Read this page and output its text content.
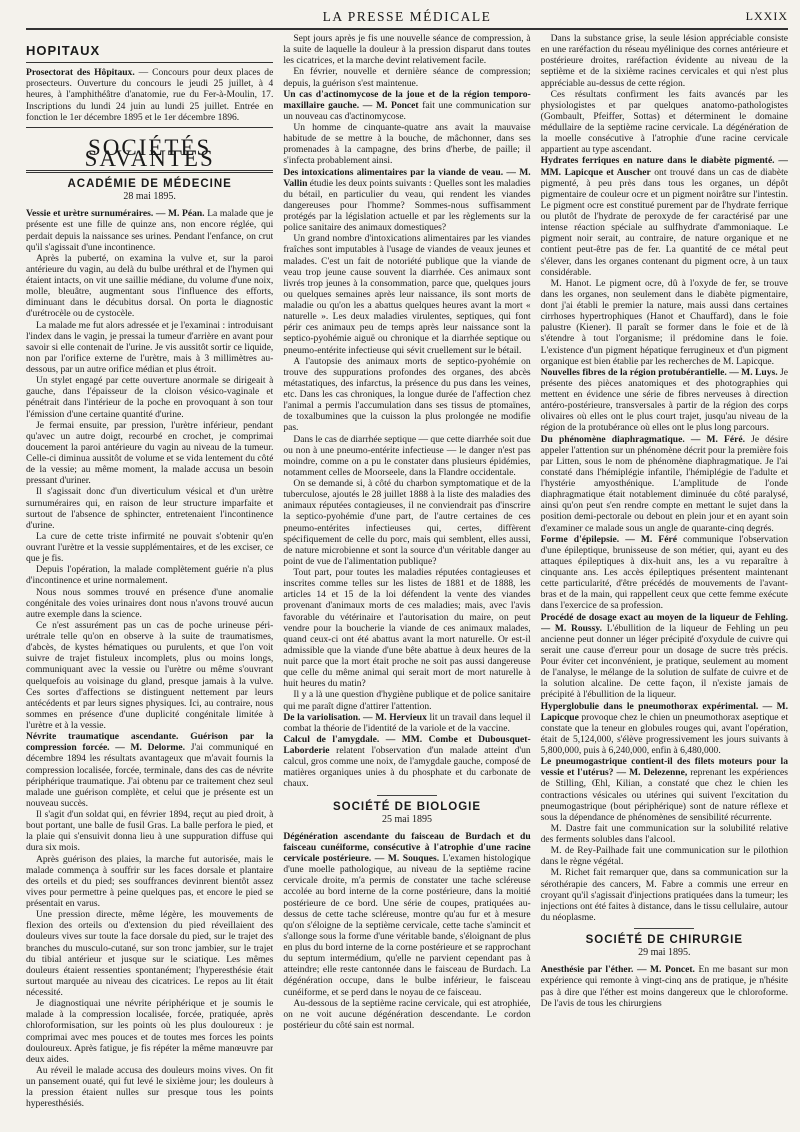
LA PRESSE MÉDICALE	LXXIX
HOPITAUX

Prosectorat des Hôpitaux. — Concours pour deux places de prosecteurs. Ouverture du concours le jeudi 25 juillet, à 4 heures, à l'amphithéâtre d'anatomie, rue du Fer-à-Moulin, 17. Inscriptions du lundi 24 juin au lundi 25 juillet. Entrée en fonction le 1er décembre 1895 et le 1er décembre 1896.

SOCIÉTÉS SAVANTES
ACADÉMIE DE MÉDECINE
28 mai 1895.

Vessie et urètre surnuméraires. — M. Péan. La malade que je présente est une fille de quinze ans, non encore réglée, qui perdait depuis la naissance ses urines. Pendant l'enfance, on crut qu'il s'agissait d'une incontinence.

Après la puberté, on examina la vulve et, sur la paroi antérieure du vagin, au delà du bulbe uréthral et de l'hymen qui étaient intacts, on vit une saillie médiane, du volume d'une noix, molle, bleuâtre, augmentant sous l'influence des efforts, diminuant dans le décubitus dorsal. On porta le diagnostic d'urétrocèle ou de cystocèle.

La malade me fut alors adressée et je l'examinai : introduisant l'index dans le vagin, je pressai la tumeur d'arrière en avant pour savoir si elle contenait de l'urine. Je vis aussitôt sortir ce liquide, non par l'orifice externe de l'urètre, mais à 3 millimètres au-dessous, par un autre orifice médian et plus étroit.

Un stylet engagé par cette ouverture anormale se dirigeait à gauche, dans l'épaisseur de la cloison vésico-vaginale et pénétrait dans l'intérieur de la poche en provoquant à son tour l'émission d'une certaine quantité d'urine.

Je fermai ensuite, par pression, l'urètre inférieur, pendant qu'avec un autre doigt, recourbé en crochet, je comprimai doucement la paroi antérieure du vagin au niveau de la tumeur. Celle-ci diminua aussitôt de volume et se vida lentement du côté de la vessie; au même moment, la malade accusa un besoin pressant d'uriner.

Il s'agissait donc d'un diverticulum vésical et d'un urètre surnuméraires qui, en raison de leur structure imparfaite et surtout de l'absence de sphincter, entretenaient l'incontinence d'urine.

La cure de cette triste infirmité ne pouvait s'obtenir qu'en ouvrant l'urètre et la vessie supplémentaires, et de les exciser, ce que je fis.

Depuis l'opération, la malade complètement guérie n'a plus d'incontinence et urine normalement.

Nous nous sommes trouvé en présence d'une anomalie congénitale des voies urinaires dont nous n'avons trouvé aucun autre exemple dans la science.

Ce n'est assurément pas un cas de poche urineuse péri-urétrale telle qu'on en observe à la suite de traumatismes, d'abcès, de kystes hématiques ou purulents, et que l'on voit suivre de trajet fistuleux incomplets, plus ou moins longs, communiquant avec la vessie ou l'urètre ou même s'ouvrant quelquefois au voisinage du gland, presque jamais à la vulve. Ces sortes d'affections se distinguent nettement par leurs antécédents et par leurs signes physiques. Ici, au contraire, nous sommes en présence d'une duplicité congénitale limitée à l'urètre et à la vessie.

Névrite traumatique ascendante. Guérison par la compression forcée. — M. Delorme. J'ai communiqué en décembre 1894 les résultats avantageux que m'avait fournis la compression localisée, forcée, terminale, dans des cas de névrite périphérique traumatique. J'ai obtenu par ce traitement chez seul malade une guérison complète, et celui que je présente est un nouveau succès.

Il s'agit d'un soldat qui, en février 1894, reçut au pied droit, à bout portant, une balle de fusil Gras. La balle perfora le pied, et la plaie qui s'ensuivit donna lieu à une suppuration diffuse qui dura six mois.

Après guérison des plaies, la marche fut autorisée, mais le malade commença à souffrir sur les faces dorsale et plantaire des orteils et du pied; ses souffrances devinrent bientôt assez vives pour permettre à peine quelques pas, et encore le pied se présentait en varus.

Une pression directe, même légère, les mouvements de flexion des orteils ou d'extension du pied réveillaient des douleurs vives sur toute la face dorsale du pied, sur le trajet des branches du musculo-cutané, sur son tronc jambier, sur le trajet du tibial antérieur et jusque sur le sciatique. Les mêmes douleurs étaient ressenties spontanément; l'hyperesthésie était surtout marquée au niveau des cicatrices. Le repos au lit était nécessité.

Je diagnostiquai une névrite périphérique et je soumis le malade à la compression localisée, forcée, pratiquée, après chloroformisation, sur les points où les plus douloureux : je comprimai avec mes pouces et de toutes mes forces les points douloureux. Après fatigue, je fis répéter la même manœuvre par deux aides.

Au réveil le malade accusa des douleurs moins vives. On fit un pansement ouaté, qui fut levé le sixième jour; les douleurs à la pression étaient nulles sur presque tous les points hyperesthésiés.

Sept jours après je fis une nouvelle séance de compression, à la suite de laquelle la douleur à la pression disparut dans toutes les cicatrices, et la marche devint relativement facile.

En février, nouvelle et dernière séance de compression; depuis, la guérison s'est maintenue.

Un cas d'actinomycose de la joue et de la région temporo-maxillaire gauche. — M. Poncet fait une communication sur un nouveau cas d'actinomycose.

Un homme de cinquante-quatre ans avait la mauvaise habitude de se mettre à la bouche, de mâchonner, dans ses promenades à la campagne, des brins d'herbe, de paille; il s'infecta probablement ainsi.

Des intoxications alimentaires par la viande de veau. — M. Vallin étudie les deux points suivants : Quelles sont les maladies du bétail, en particulier du veau, qui rendent les viandes dangereuses pour l'homme? Sommes-nous suffisamment protégés par la législation actuelle et par les règlements sur la police sanitaire des animaux domestiques?

Un grand nombre d'intoxications alimentaires par les viandes fraîches sont imputables à l'usage de viandes de veaux jeunes et malades. C'est un fait de notoriété publique que la viande de veau trop jeune cause souvent la diarrhée. Ces animaux sont livrés trop jeunes à la consommation, parce que, quelques jours ou quelques semaines après leur naissance, ils sont morts de maladie ou qu'on les a abattus quelques heures avant la mort « naturelle ». Les deux maladies virulentes, septiques, qui font périr ces animaux peu de temps après leur naissance sont la septico-pyohémie aiguë ou chronique et la diarrhée septique ou pneumo-entérite infectieuse qui sévit cruellement sur le bétail.

A l'autopsie des animaux morts de septico-pyohémie on trouve des suppurations profondes des organes, des abcès métastatiques, des infarctus, la présence du pus dans les veines, etc. Dans les cas chroniques, la longue durée de l'affection chez l'animal a permis l'accumulation dans ses tissus de ptomaïnes, de toxalbumines que la cuisson la plus prolongée ne modifie pas.

Dans le cas de diarrhée septique — que cette diarrhée soit due ou non à une pneumo-entérite infectieuse — le danger n'est pas moindre, comme on a pu le constater dans plusieurs épidémies, notamment celles de Moorseele, dans la Flandre occidentale.

On se demande si, à côté du charbon symptomatique et de la tuberculose, ajoutés le 28 juillet 1888 à la liste des maladies des animaux réputées contagieuses, il ne conviendrait pas d'inscrire la septico-pyohémie d'une part, de l'autre certaines de ces pneumo-entérites infectieuses qui, certes, diffèrent spécifiquement de celle du porc, mais qui semblent, elles aussi, de nature microbienne et sont la source d'un véritable danger au point de vue de l'alimentation publique?

Tout part, pour toutes les maladies réputées contagieuses et inscrites comme telles sur les listes de 1881 et de 1888, les articles 14 et 15 de la loi défendent la vente des viandes provenant d'animaux morts de ces maladies; mais, avec l'avis favorable du vétérinaire et l'autorisation du maire, on peut vendre pour la boucherie la viande de ces animaux malades, quand ceux-ci ont été abattus avant la mort naturelle. Or est-il admissible que la viande d'une bête abattue à deux heures de la nuit parce que la mort était proche ne soit pas aussi dangereuse que celle du même animal qui serait mort de mort naturelle à huit heures du matin?

Il y a là une question d'hygiène publique et de police sanitaire qui me paraît digne d'attirer l'attention.

De la variolisation. — M. Hervieux lit un travail dans lequel il combat la théorie de l'identité de la variole et de la vaccine.

Calcul de l'amygdale. — MM. Combe et Dubousquet-Laborderie relatent l'observation d'un malade atteint d'un calcul, gros comme une noix, de l'amygdale gauche, composé de matières organiques unies à du phosphate et du carbonate de chaux.

SOCIÉTÉ DE BIOLOGIE
25 mai 1895

Dégénération ascendante du faisceau de Burdach et du faisceau cunéiforme, consécutive à l'atrophie d'une racine cervicale postérieure. — M. Souques. L'examen histologique d'une moelle pathologique, au niveau de la septième racine cervicale droite, m'a permis de constater une tache scléreuse accolée au bord interne de la corne postérieure, dans la moitié postérieure de ce bord. Une série de coupes, pratiquées au-dessus de cette tache scléreuse, montre qu'au fur et à mesure qu'on s'éloigne de la septième cervicale, cette tache s'amincit et s'allonge sous la forme d'une véritable bande, s'éloignant de plus en plus du bord interne de la corne postérieure et se rapprochant du septum intermédium, qu'elle ne parvient cependant pas à atteindre; elle reste cantonnée dans le faisceau de Burdach. La dégénération occupe, dans le bulbe inférieur, le faisceau cunéiforme, et se perd dans le noyau de ce faisceau.

Au-dessous de la septième racine cervicale, qui est atrophiée, on ne voit aucune dégénération descendante. Le cordon postérieur du côté sain est normal.

Dans la substance grise, la seule lésion appréciable consiste en une raréfaction du réseau myélinique des cornes antérieure et postérieure droites, raréfaction évidente au niveau de la septième et de la sixième racines cervicales et qui n'est plus appréciable au-dessus de cette région.

Ces résultats confirment les faits avancés par les physiologistes et par quelques anatomo-pathologistes (Gombault, Pfeiffer, Sottas) et déterminent le domaine médullaire de la septième racine cervicale. La dégénération de la moelle consécutive à l'atrophie d'une racine cervicale appartient au type ascendant.

Hydrates ferriques en nature dans le diabète pigmenté. — MM. Lapicque et Auscher ont trouvé dans un cas de diabète pigmenté, à peu près dans tous les organes, un dépôt pigmentaire de couleur ocre et un pigment noirâtre sur l'intestin. Le pigment ocre est constitué purement par de l'hydrate ferrique ou plutôt de l'hydrate de peroxyde de fer caractérisé par une intense réaction spéciale au sulfhydrate d'ammoniaque. Le pigment noir serait, au contraire, de nature organique et ne contient peut-être pas de fer. La quantité de ce métal peut s'élever, dans les organes contenant du pigment ocre, à un taux considérable.

M. Hanot. Le pigment ocre, dû à l'oxyde de fer, se trouve dans les organes, non seulement dans le diabète pigmentaire, dont j'ai établi le premier la nature, mais aussi dans certaines cirrhoses hypertrophiques (Hanot et Chauffard), dans le foie palustre (Kiener). Il paraît se former dans le foie et de là s'étendre à tout l'organisme; il prédomine dans le foie. L'existence d'un pigment hépatique ferrugineux et d'un pigment organique est bien établie par les recherches de M. Lapicque.

Nouvelles fibres de la région protubérantielle. — M. Luys. Je présente des pièces anatomiques et des photographies qui mettent en évidence une série de fibres nerveuses à direction antéro-postérieure, transversales à partir de la région des corps olivaires où elles ont le plus court trajet, jusqu'au niveau de la région de la protubérance où elles ont le plus long parcours.

Du phénomène diaphragmatique. — M. Féré. Je désire appeler l'attention sur un phénomène décrit pour la première fois par Litten, sous le nom de phénomène diaphragmatique. Je l'ai constaté dans l'hémiplégie infantile, l'hémiplégie de l'adulte et l'hystérie amyosthénique. L'amplitude de l'onde diaphragmatique était notablement diminuée du côté paralysé, ainsi qu'on peut s'en rendre compte en mettant le sujet dans la position demi-pectorale ou debout en plein jour et en ayant soin d'examiner ce malade sous un angle de quarante-cinq degrés.

Forme d'épilepsie. — M. Féré communique l'observation d'une épileptique, brunisseuse de son métier, qui, ayant eu des attaques épileptiques à dix-huit ans, les a vu reparaître à cinquante ans. Les accès épileptiques présentent maintenant cette particularité, d'être précédés de mouvements de l'avant-bras et de la main, qui rappellent ceux que cette femme exécute dans l'exercice de sa profession.

Procédé de dosage exact au moyen de la liqueur de Fehling. — M. Roussy. L'ébullition de la liqueur de Fehling un peu ancienne peut donner un léger précipité d'oxydule de cuivre qui serait une cause d'erreur pour un dosage de sucre très précis. Pour éviter cet inconvénient, je pratique, seulement au moment de l'analyse, le mélange de la solution de sulfate de cuivre et de la solution alcaline. De cette façon, il n'existe jamais de précipité à l'ébullition de la liqueur.

Hyperglobulie dans le pneumothorax expérimental. — M. Lapicque provoque chez le chien un pneumothorax aseptique et constate que la teneur en globules rouges qui, avant l'opération, était de 5,124,000, s'élève progressivement les jours suivants à 5,800,000, puis à 6,240,000, enfin à 6,480,000.

Le pneumogastrique contient-il des filets moteurs pour la vessie et l'utérus? — M. Delezenne, reprenant les expériences de Stilling, Œhl, Kilian, a constaté que chez le chien les contractions vésicales ou utérines qui suivent l'excitation du pneumogastrique (bout périphérique) sont de nature réflexe et sous la dépendance de phénomènes de sensibilité récurrente.

M. Dastre fait une communication sur la solubilité relative des ferments solubles dans l'alcool.

M. de Rey-Pailhade fait une communication sur le pilothion dans le règne végétal.

M. Richet fait remarquer que, dans sa communication sur la sérothérapie des cancers, M. Fabre a commis une erreur en croyant qu'il s'agissait d'injections pratiquées dans la tumeur; les injections ont été faites à distance, dans le tissu cellulaire, autour du néoplasme.

SOCIÉTÉ DE CHIRURGIE
29 mai 1895.

Anesthésie par l'éther. — M. Poncet. En me basant sur mon expérience qui remonte à vingt-cinq ans de pratique, je n'hésite pas à dire que l'éther est moins dangereux que le chloroforme. De l'avis de tous les chirurgiens
